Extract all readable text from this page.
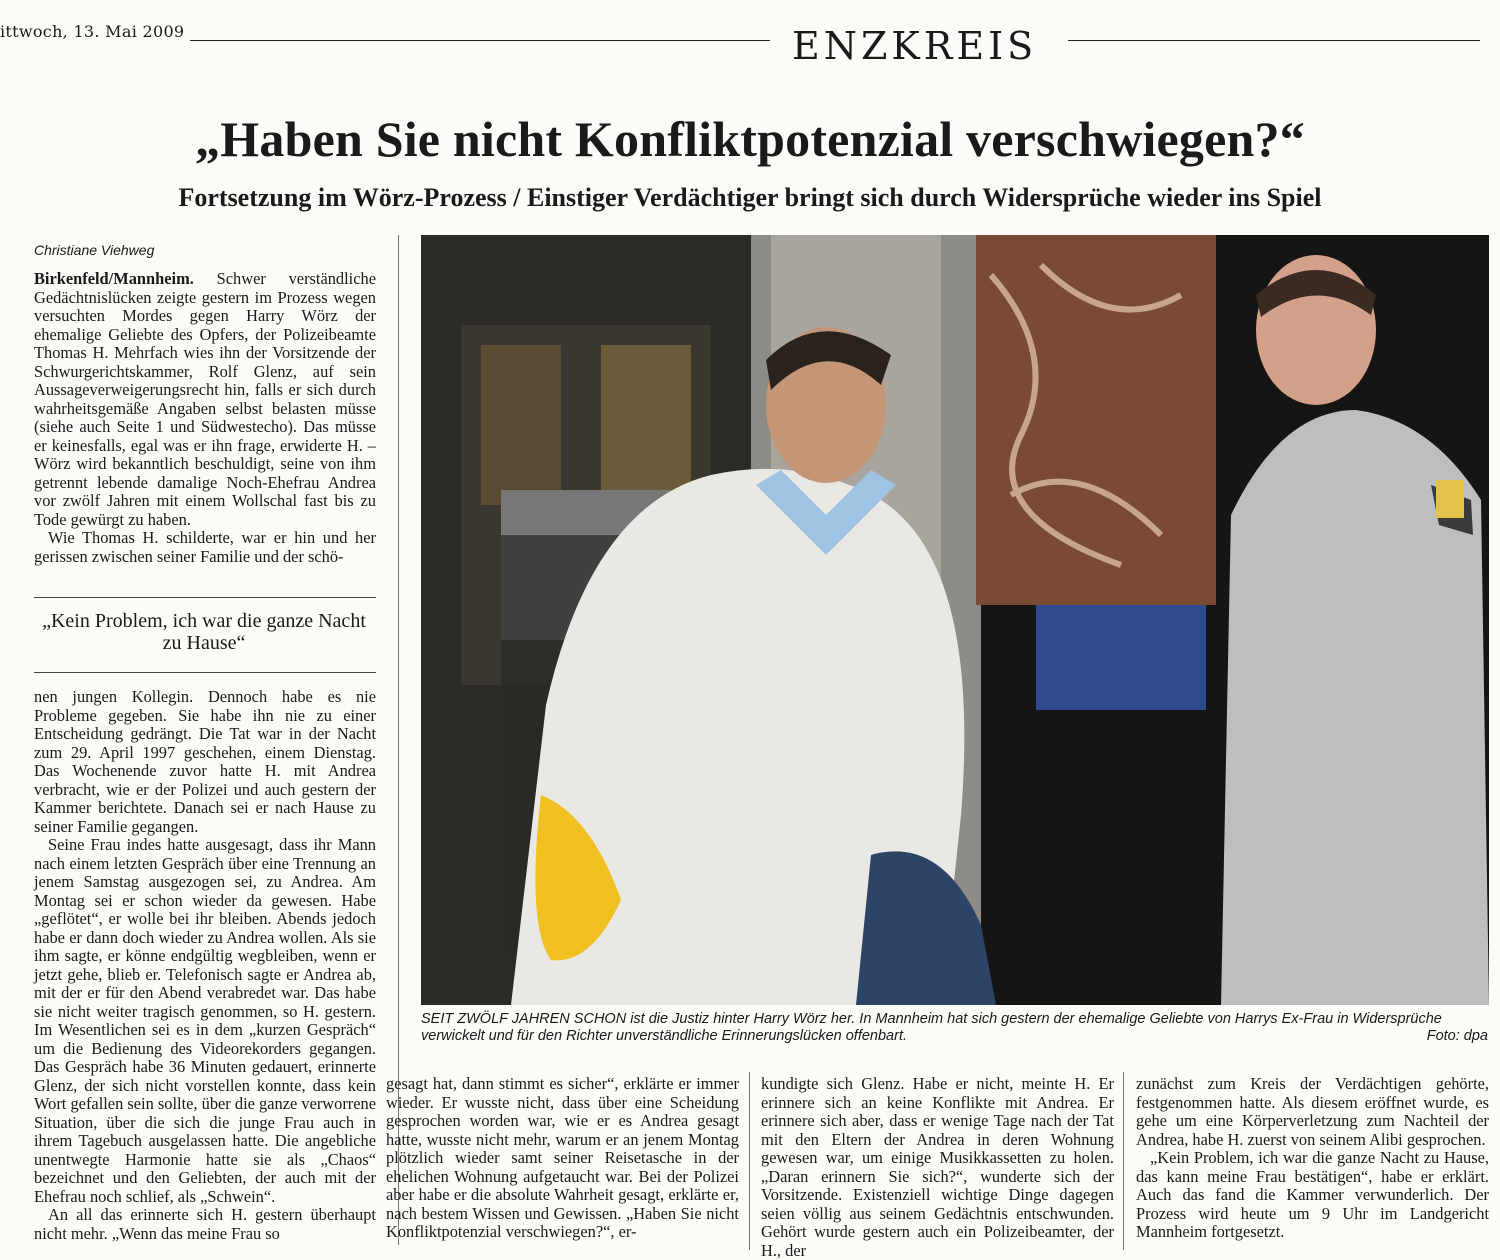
ittwoch, 13. Mai 2009	ENZKREIS
„Haben Sie nicht Konfliktpotenzial verschwiegen?“
Fortsetzung im Wörz-Prozess / Einstiger Verdächtiger bringt sich durch Widersprüche wieder ins Spiel
Christiane Viehweg

Birkenfeld/Mannheim. Schwer verständliche Gedächtnislücken zeigte gestern im Prozess wegen versuchten Mordes gegen Harry Wörz der ehemalige Geliebte des Opfers, der Polizeibeamte Thomas H. Mehrfach wies ihn der Vorsitzende der Schwurgerichtskammer, Rolf Glenz, auf sein Aussageverweigerungsrecht hin, falls er sich durch wahrheitsgemäße Angaben selbst belasten müsse (siehe auch Seite 1 und Südwestecho). Das müsse er keinesfalls, egal was er ihn frage, erwiderte H. – Wörz wird bekanntlich beschuldigt, seine von ihm getrennt lebende damalige Noch-Ehefrau Andrea vor zwölf Jahren mit einem Wollschal fast bis zu Tode gewürgt zu haben.

Wie Thomas H. schilderte, war er hin und her gerissen zwischen seiner Familie und der schö-

„Kein Problem, ich war die ganze Nacht zu Hause“

nen jungen Kollegin. Dennoch habe es nie Probleme gegeben. Sie habe ihn nie zu einer Entscheidung gedrängt. Die Tat war in der Nacht zum 29. April 1997 geschehen, einem Dienstag. Das Wochenende zuvor hatte H. mit Andrea verbracht, wie er der Polizei und auch gestern der Kammer berichtete. Danach sei er nach Hause zu seiner Familie gegangen.

Seine Frau indes hatte ausgesagt, dass ihr Mann nach einem letzten Gespräch über eine Trennung an jenem Samstag ausgezogen sei, zu Andrea. Am Montag sei er schon wieder da gewesen. Habe „geflötet“, er wolle bei ihr bleiben. Abends jedoch habe er dann doch wieder zu Andrea wollen. Als sie ihm sagte, er könne endgültig wegbleiben, wenn er jetzt gehe, blieb er. Telefonisch sagte er Andrea ab, mit der er für den Abend verabredet war. Das habe sie nicht weiter tragisch genommen, so H. gestern. Im Wesentlichen sei es in dem „kurzen Gespräch“ um die Bedienung des Videorekorders gegangen. Das Gespräch habe 36 Minuten gedauert, erinnerte Glenz, der sich nicht vorstellen konnte, dass kein Wort gefallen sein sollte, über die ganze verworrene Situation, über die sich die junge Frau auch in ihrem Tagebuch ausgelassen hatte. Die angebliche unentwegte Harmonie hatte sie als „Chaos“ bezeichnet und den Geliebten, der auch mit der Ehefrau noch schlief, als „Schwein“.

An all das erinnerte sich H. gestern überhaupt nicht mehr. „Wenn das meine Frau so

SEIT ZWÖLF JAHREN SCHON ist die Justiz hinter Harry Wörz her. In Mannheim hat sich gestern der ehemalige Geliebte von Harrys Ex-Frau in Widersprüche verwickelt und für den Richter unverständliche Erinnerungslücken offenbart.	Foto: dpa

gesagt hat, dann stimmt es sicher“, erklärte er immer wieder. Er wusste nicht, dass über eine Scheidung gesprochen worden war, wie er es Andrea gesagt hatte, wusste nicht mehr, warum er an jenem Montag plötzlich wieder samt seiner Reisetasche in der ehelichen Wohnung aufgetaucht war. Bei der Polizei aber habe er die absolute Wahrheit gesagt, erklärte er, nach bestem Wissen und Gewissen. „Haben Sie nicht Konfliktpotenzial verschwiegen?“, er-

kundigte sich Glenz. Habe er nicht, meinte H. Er erinnere sich an keine Konflikte mit Andrea. Er erinnere sich aber, dass er wenige Tage nach der Tat mit den Eltern der Andrea in deren Wohnung gewesen war, um einige Musikkassetten zu holen. „Daran erinnern Sie sich?“, wunderte sich der Vorsitzende. Existenziell wichtige Dinge dagegen seien völlig aus seinem Gedächtnis entschwunden. Gehört wurde gestern auch ein Polizeibeamter, der H., der

zunächst zum Kreis der Verdächtigen gehörte, festgenommen hatte. Als diesem eröffnet wurde, es gehe um eine Körperverletzung zum Nachteil der Andrea, habe H. zuerst von seinem Alibi gesprochen.

„Kein Problem, ich war die ganze Nacht zu Hause, das kann meine Frau bestätigen“, habe er erklärt. Auch das fand die Kammer verwunderlich. Der Prozess wird heute um 9 Uhr im Landgericht Mannheim fortgesetzt.
